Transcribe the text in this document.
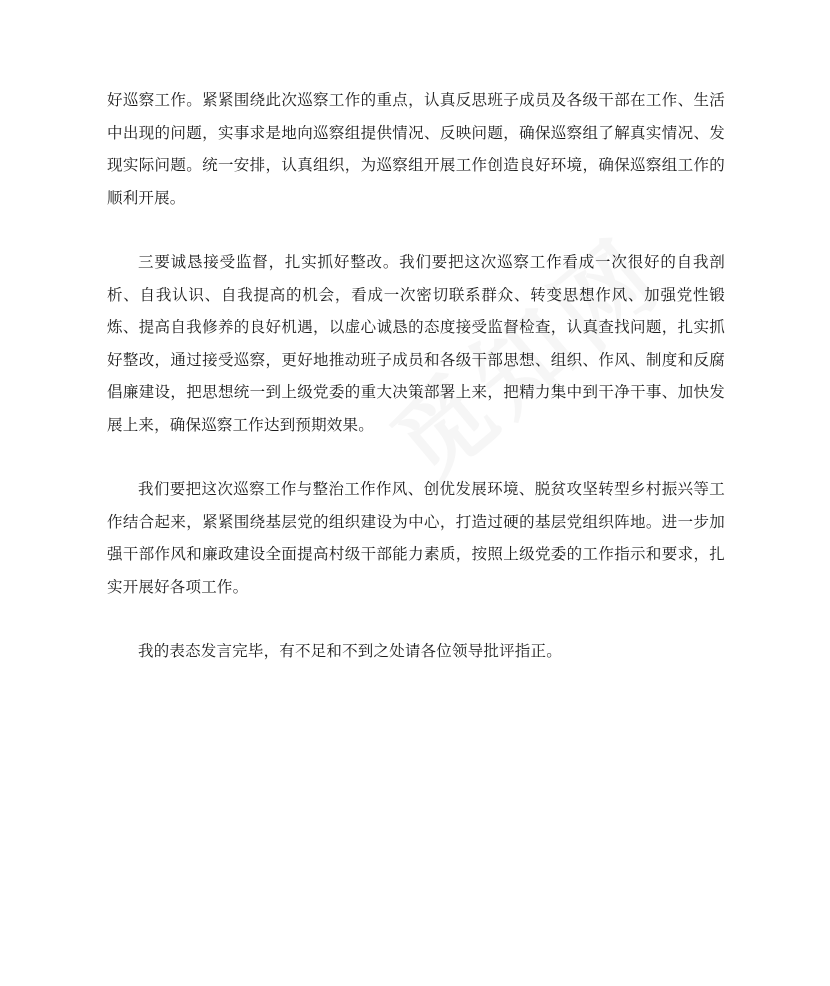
好巡察工作。紧紧围绕此次巡察工作的重点，认真反思班子成员及各级干部在工作、生活中出现的问题，实事求是地向巡察组提供情况、反映问题，确保巡察组了解真实情况、发现实际问题。统一安排，认真组织，为巡察组开展工作创造良好环境，确保巡察组工作的顺利开展。

三要诚恳接受监督，扎实抓好整改。我们要把这次巡察工作看成一次很好的自我剖析、自我认识、自我提高的机会，看成一次密切联系群众、转变思想作风、加强党性锻炼、提高自我修养的良好机遇，以虚心诚恳的态度接受监督检查，认真查找问题，扎实抓好整改，通过接受巡察，更好地推动班子成员和各级干部思想、组织、作风、制度和反腐倡廉建设，把思想统一到上级党委的重大决策部署上来，把精力集中到干净干事、加快发展上来，确保巡察工作达到预期效果。

我们要把这次巡察工作与整治工作作风、创优发展环境、脱贫攻坚转型乡村振兴等工作结合起来，紧紧围绕基层党的组织建设为中心，打造过硬的基层党组织阵地。进一步加强干部作风和廉政建设全面提高村级干部能力素质，按照上级党委的工作指示和要求，扎实开展好各项工作。

我的表态发言完毕，有不足和不到之处请各位领导批评指正。
